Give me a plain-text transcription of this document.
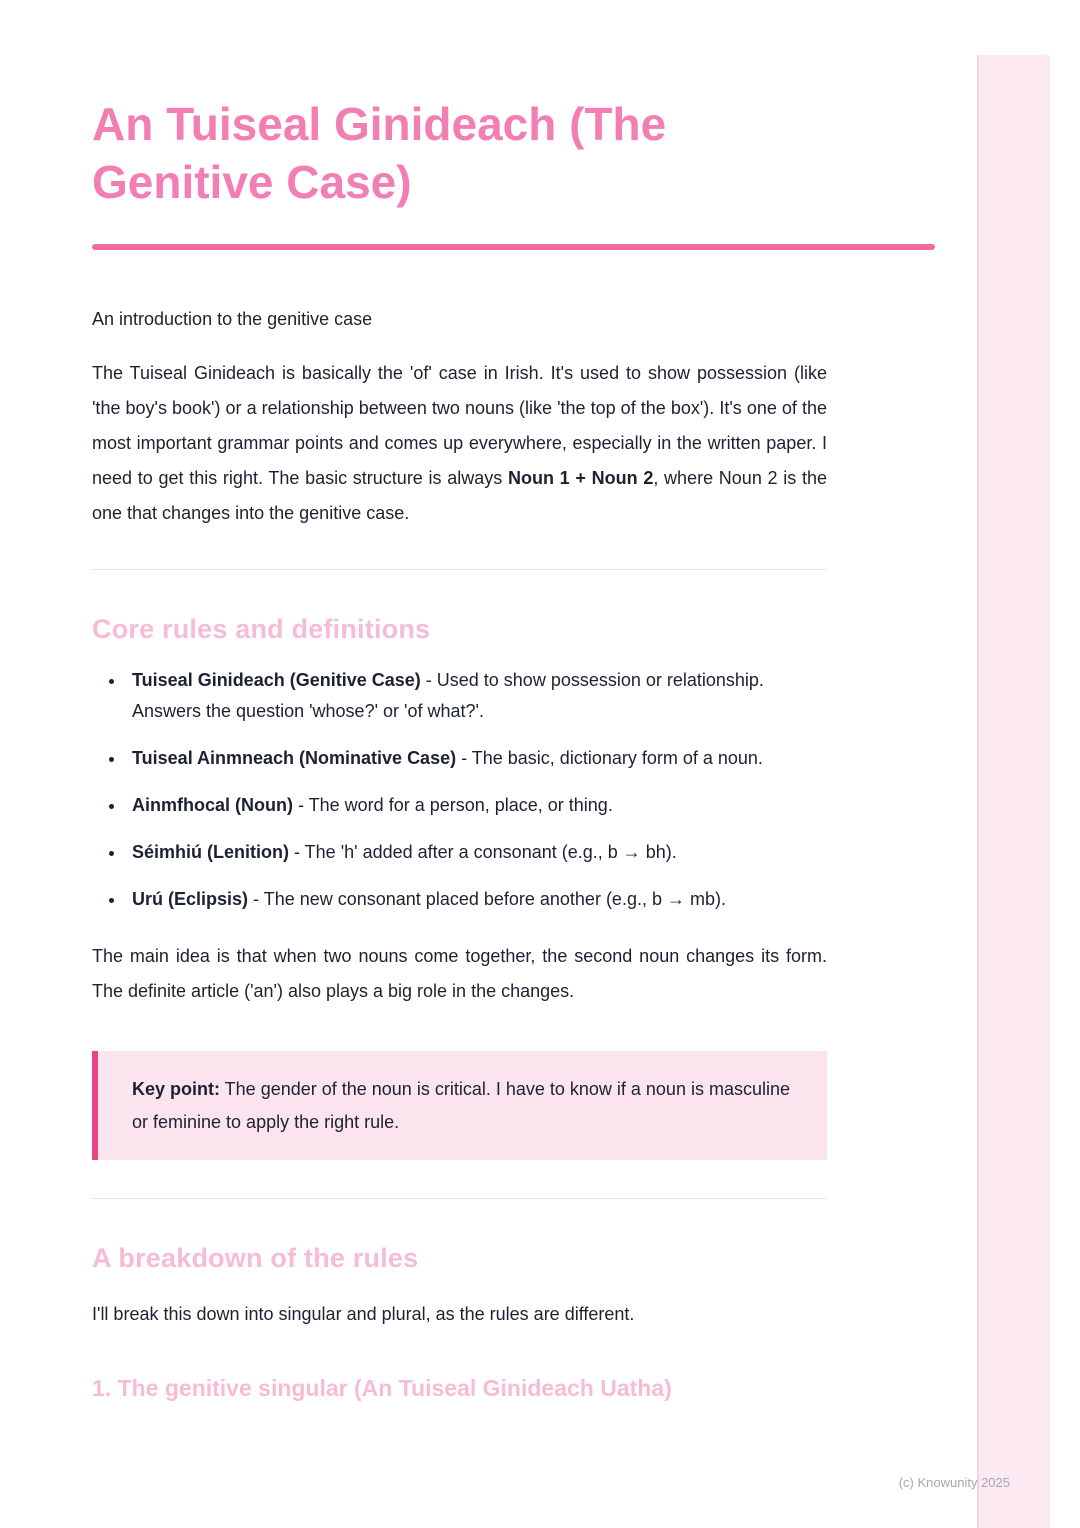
An Tuiseal Ginideach (The Genitive Case)
An introduction to the genitive case

The Tuiseal Ginideach is basically the 'of' case in Irish. It's used to show possession (like 'the boy's book') or a relationship between two nouns (like 'the top of the box'). It's one of the most important grammar points and comes up everywhere, especially in the written paper. I need to get this right. The basic structure is always Noun 1 + Noun 2, where Noun 2 is the one that changes into the genitive case.

Core rules and definitions
• Tuiseal Ginideach (Genitive Case) - Used to show possession or relationship. Answers the question 'whose?' or 'of what?'.
• Tuiseal Ainmneach (Nominative Case) - The basic, dictionary form of a noun.
• Ainmfhocal (Noun) - The word for a person, place, or thing.
• Séimhiú (Lenition) - The 'h' added after a consonant (e.g., b → bh).
• Urú (Eclipsis) - The new consonant placed before another (e.g., b → mb).

The main idea is that when two nouns come together, the second noun changes its form. The definite article ('an') also plays a big role in the changes.

Key point: The gender of the noun is critical. I have to know if a noun is masculine or feminine to apply the right rule.
A breakdown of the rules

I'll break this down into singular and plural, as the rules are different.

1. The genitive singular (An Tuiseal Ginideach Uatha)
(c) Knowunity 2025
